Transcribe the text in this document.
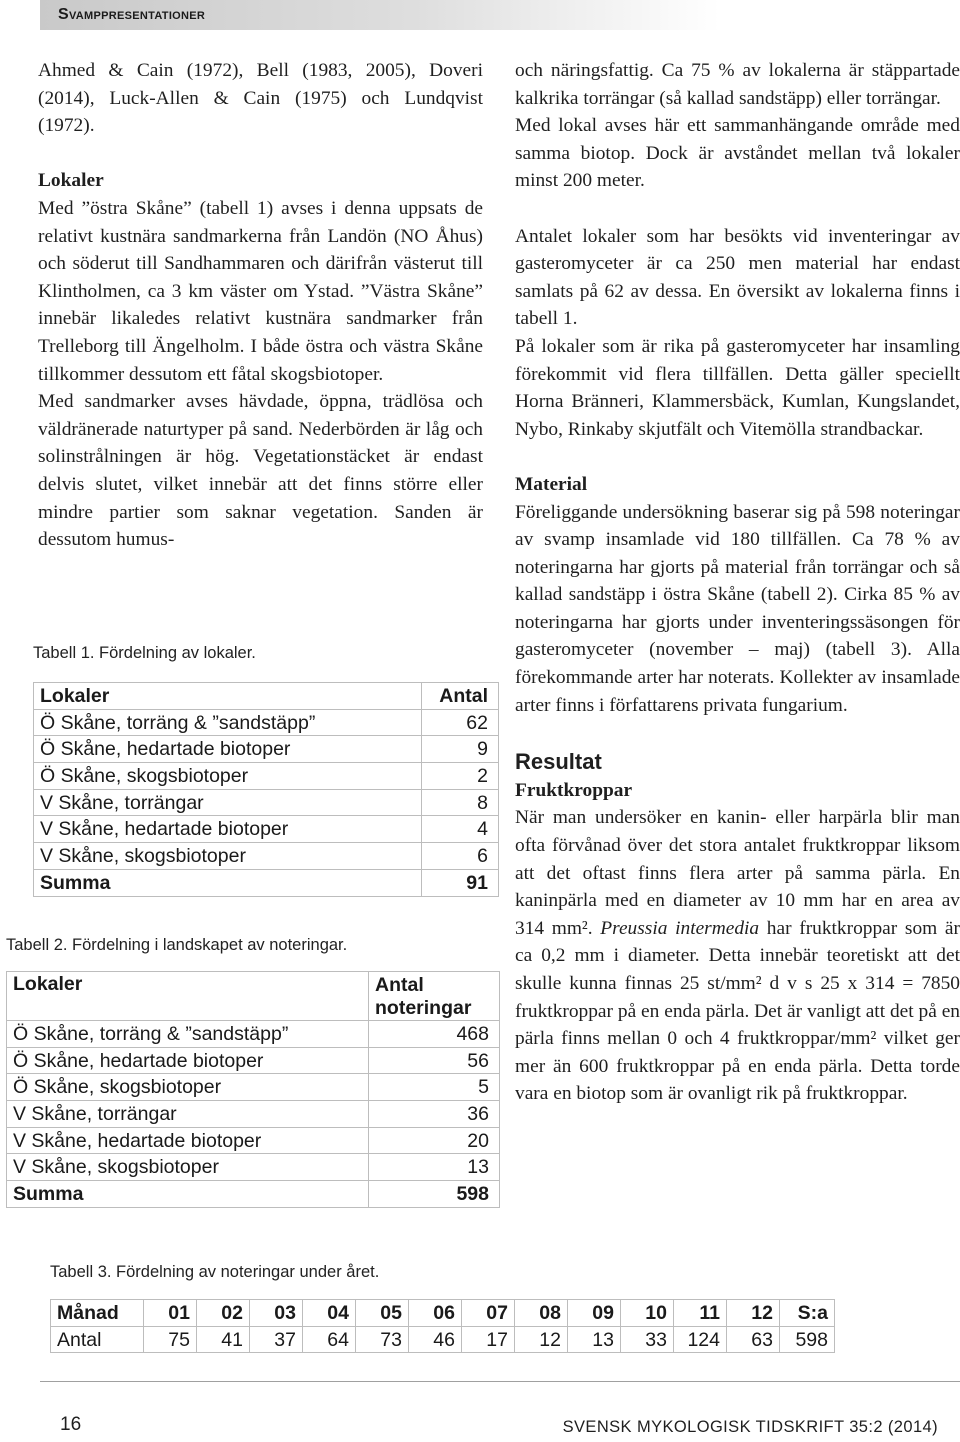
Svamppresentationer

Ahmed & Cain (1972), Bell (1983, 2005), Doveri (2014), Luck-Allen & Cain (1975) och Lundqvist (1972).

Lokaler

Med ”östra Skåne” (tabell 1) avses i denna uppsats de relativt kustnära sandmarkerna från Landön (NO Åhus) och söderut till Sandhammaren och därifrån västerut till Klintholmen, ca 3 km väster om Ystad. ”Västra Skåne” innebär likaledes relativt kustnära sandmarker från Trelleborg till Ängelholm. I både östra och västra Skåne tillkommer dessutom ett fåtal skogsbiotoper.

Med sandmarker avses hävdade, öppna, trädlösa och väldränerade naturtyper på sand. Nederbörden är låg och solinstrålningen är hög. Vegetationstäcket är endast delvis slutet, vilket innebär att det finns större eller mindre partier som saknar vegetation. Sanden är dessutom humus-

Tabell 1. Fördelning av lokaler.
Lokaler	Antal
Ö Skåne, torräng & ”sandstäpp”	62
Ö Skåne, hedartade biotoper	9
Ö Skåne, skogsbiotoper	2
V Skåne, torrängar	8
V Skåne, hedartade biotoper	4
V Skåne, skogsbiotoper	6
Summa	91
Tabell 2. Fördelning i landskapet av noteringar.
Lokaler	Antal
noteringar

Ö Skåne, torräng & ”sandstäpp”	468
Ö Skåne, hedartade biotoper	56
Ö Skåne, skogsbiotoper	5
V Skåne, torrängar	36
V Skåne, hedartade biotoper	20
V Skåne, skogsbiotoper	13
Summa	598

och näringsfattig. Ca 75 % av lokalerna är stäppartade kalkrika torrängar (så kallad sandstäpp) eller torrängar.

Med lokal avses här ett sammanhängande område med samma biotop. Dock är avståndet mellan två lokaler minst 200 meter.

Antalet lokaler som har besökts vid inventeringar av gasteromyceter är ca 250 men material har endast samlats på 62 av dessa. En översikt av lokalerna finns i tabell 1.

På lokaler som är rika på gasteromyceter har insamling förekommit vid flera tillfällen. Detta gäller speciellt Horna Bränneri, Klammersbäck, Kumlan, Kungslandet, Nybo, Rinkaby skjutfält och Vitemölla strandbackar.

Material

Föreliggande undersökning baserar sig på 598 noteringar av svamp insamlade vid 180 tillfällen. Ca 78 % av noteringarna har gjorts på material från torrängar och så kallad sandstäpp i östra Skåne (tabell 2). Cirka 85 % av noteringarna har gjorts under inventeringssäsongen för gasteromyceter (november – maj) (tabell 3). Alla förekommande arter har noterats. Kollekter av insamlade arter finns i författarens privata fungarium.

Resultat
Fruktkroppar

När man undersöker en kanin- eller harpärla blir man ofta förvånad över det stora antalet fruktkroppar liksom att det oftast finns flera arter på samma pärla. En kaninpärla med en diameter av 10 mm har en area av 314 mm². Preussia intermedia har fruktkroppar som är ca 0,2 mm i diameter. Detta innebär teoretiskt att det skulle kunna finnas 25 st/mm² d v s 25 x 314 = 7850 fruktkroppar på en enda pärla. Det är vanligt att det på en pärla finns mellan 0 och 4 fruktkroppar/mm² vilket ger mer än 600 fruktkroppar på en enda pärla. Detta torde vara en biotop som är ovanligt rik på fruktkroppar.

Tabell 3. Fördelning av noteringar under året.
Månad	01	02	03	04	05	06	07	08	09	10	11	12	S:a
Antal	75	41	37	64	73	46	17	12	13	33	124	63	598
16	SVENSK MYKOLOGISK TIDSKRIFT 35:2 (2014)
